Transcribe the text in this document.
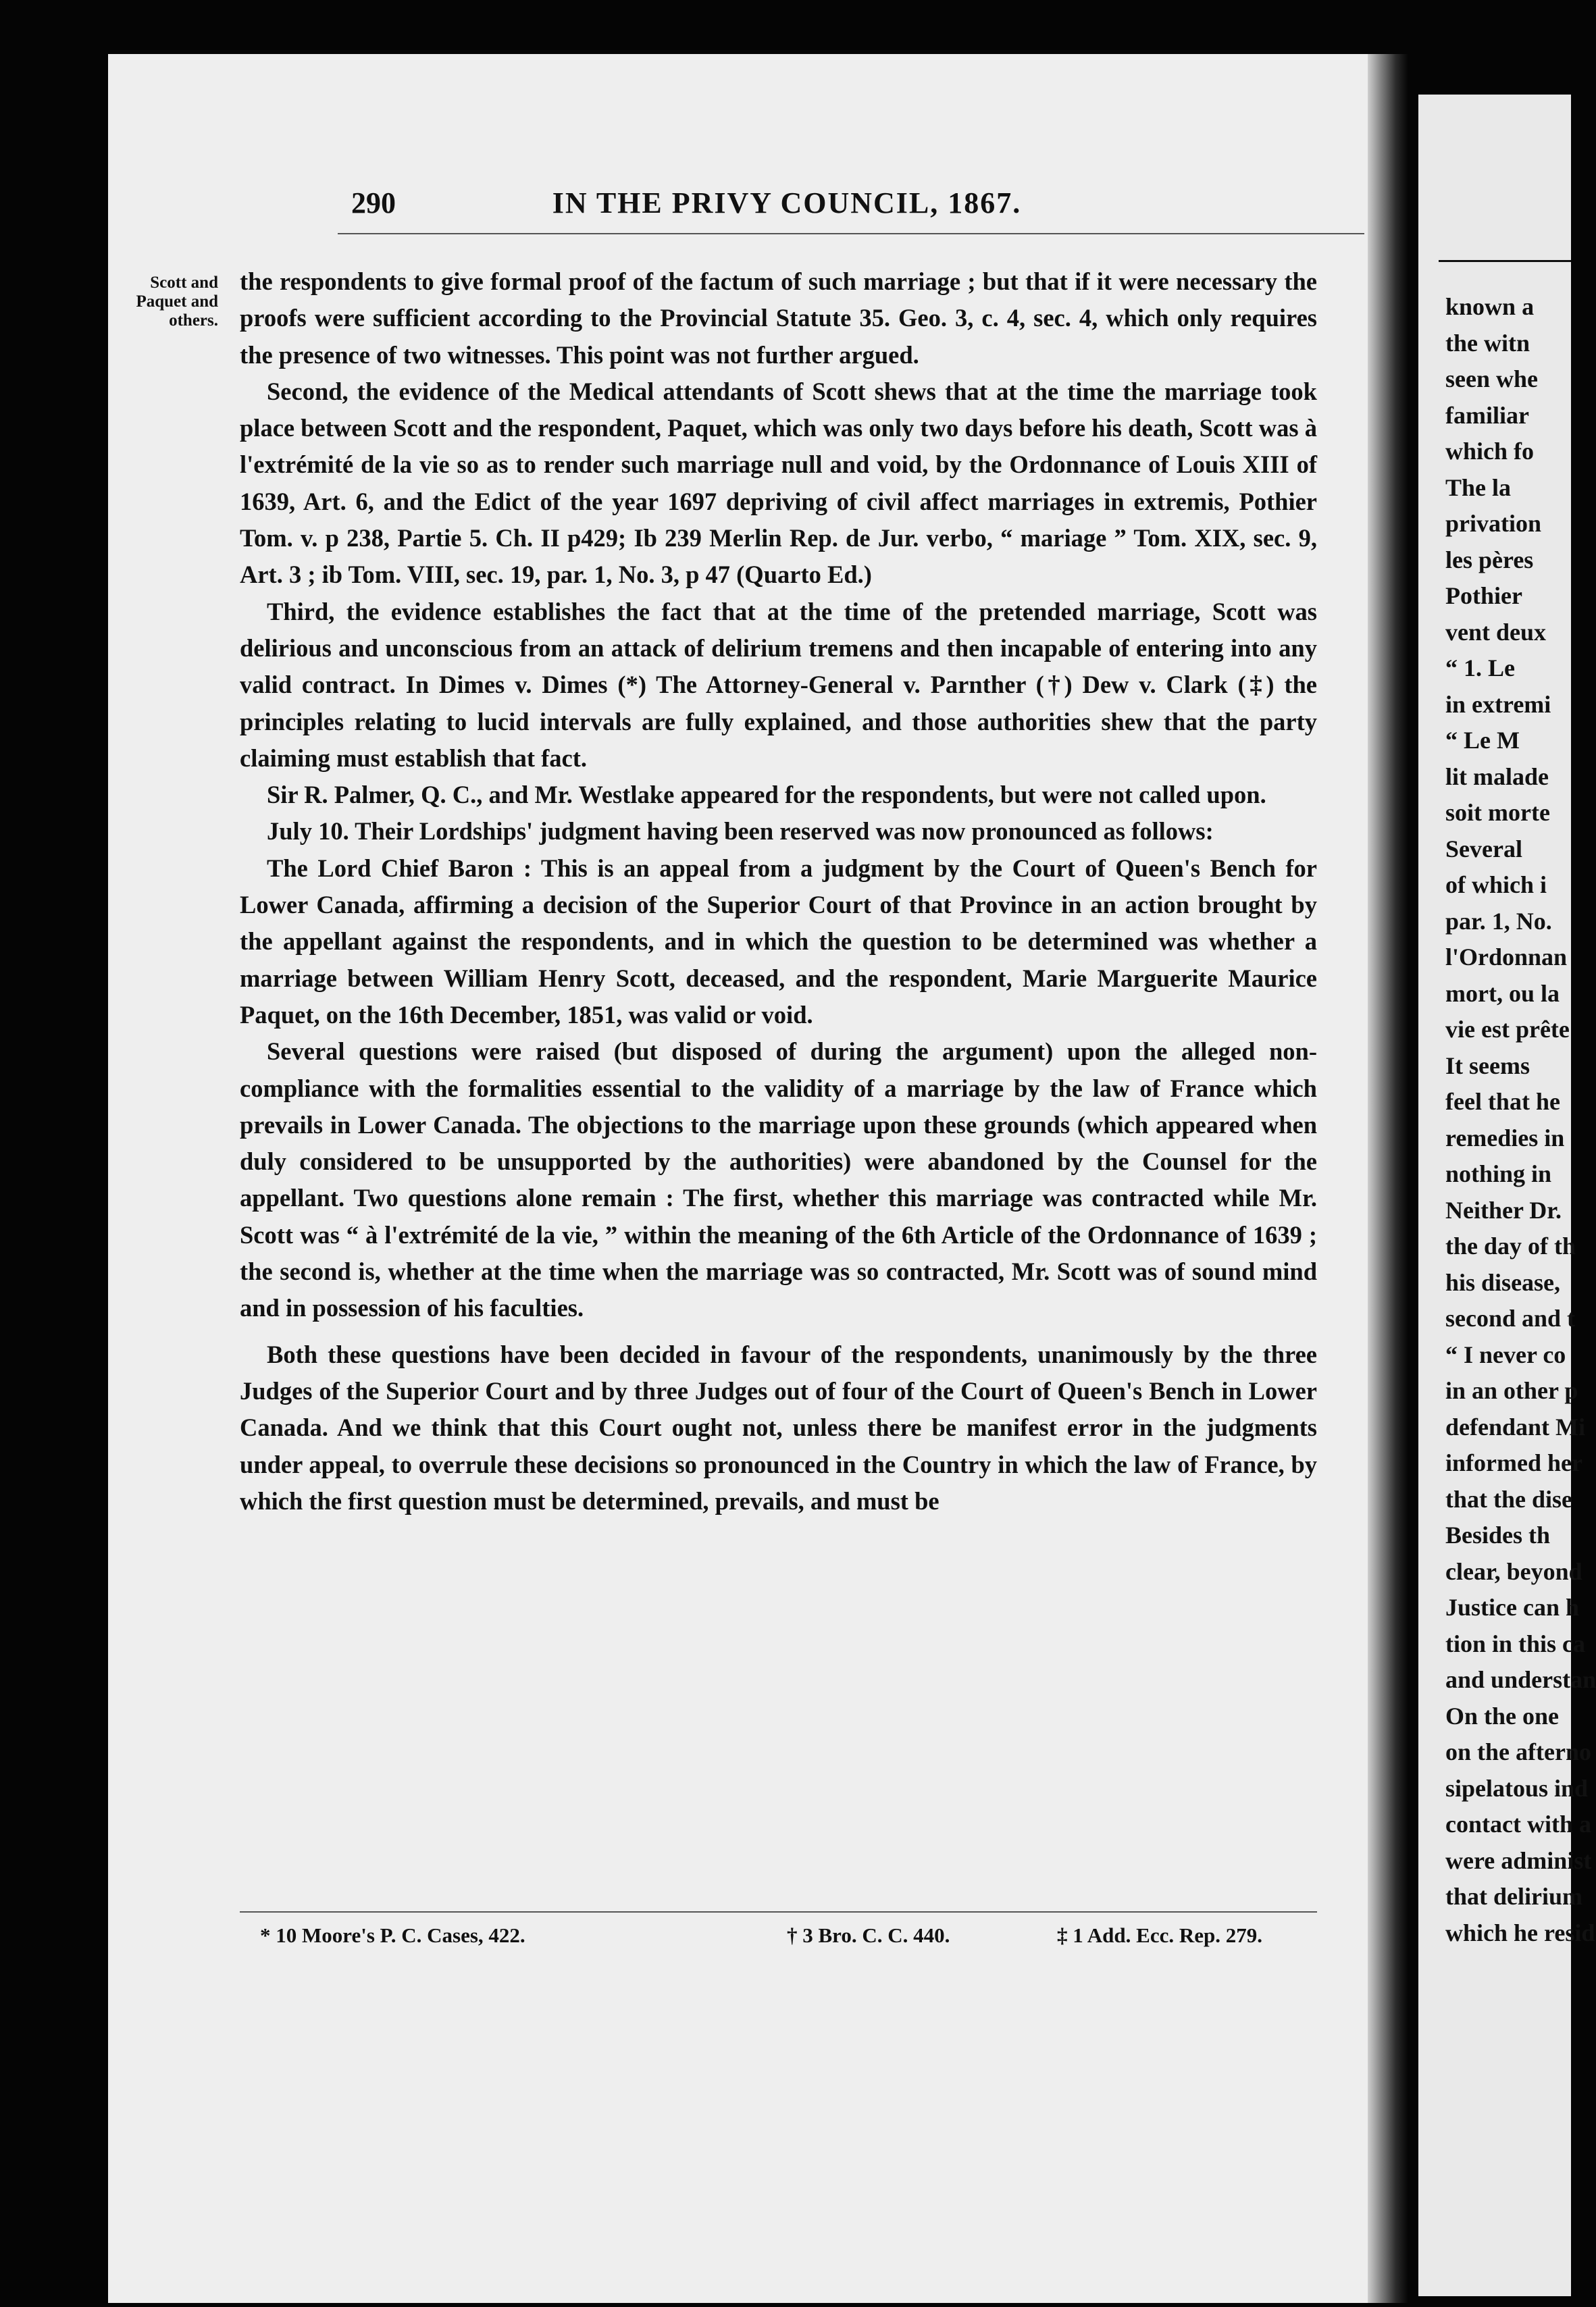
290	IN THE PRIVY COUNCIL, 1867.
Scott and
Paquet and
others.

the respondents to give formal proof of the factum of such marriage ; but that if it were necessary the proofs were sufficient according to the Provincial Statute 35. Geo. 3, c. 4, sec. 4, which only requires the presence of two witnesses. This point was not further argued.

Second, the evidence of the Medical attendants of Scott shews that at the time the marriage took place between Scott and the respondent, Paquet, which was only two days before his death, Scott was à l'extrémité de la vie so as to render such marriage null and void, by the Ordonnance of Louis XIII of 1639, Art. 6, and the Edict of the year 1697 depriving of civil affect marriages in extremis, Pothier Tom. v. p 238, Partie 5. Ch. II p429; Ib 239 Merlin Rep. de Jur. verbo, “ mariage ” Tom. XIX, sec. 9, Art. 3 ; ib Tom. VIII, sec. 19, par. 1, No. 3, p 47 (Quarto Ed.)

Third, the evidence establishes the fact that at the time of the pretended marriage, Scott was delirious and unconscious from an attack of delirium tremens and then incapable of entering into any valid contract. In Dimes v. Dimes (*) The Attorney-General v. Parnther (†) Dew v. Clark (‡) the principles relating to lucid intervals are fully explained, and those authorities shew that the party claiming must establish that fact.

Sir R. Palmer, Q. C., and Mr. Westlake appeared for the respondents, but were not called upon.

July 10. Their Lordships' judgment having been reserved was now pronounced as follows:

The Lord Chief Baron : This is an appeal from a judgment by the Court of Queen's Bench for Lower Canada, affirming a decision of the Superior Court of that Province in an action brought by the appellant against the respondents, and in which the question to be determined was whether a marriage between William Henry Scott, deceased, and the respondent, Marie Marguerite Maurice Paquet, on the 16th December, 1851, was valid or void.

Several questions were raised (but disposed of during the argument) upon the alleged non-compliance with the formalities essential to the validity of a marriage by the law of France which prevails in Lower Canada. The objections to the marriage upon these grounds (which appeared when duly considered to be unsupported by the authorities) were abandoned by the Counsel for the appellant. Two questions alone remain : The first, whether this marriage was contracted while Mr. Scott was “ à l'extrémité de la vie, ” within the meaning of the 6th Article of the Ordonnance of 1639 ; the second is, whether at the time when the marriage was so contracted, Mr. Scott was of sound mind and in possession of his faculties.

Both these questions have been decided in favour of the respondents, unanimously by the three Judges of the Superior Court and by three Judges out of four of the Court of Queen's Bench in Lower Canada. And we think that this Court ought not, unless there be manifest error in the judgments under appeal, to overrule these decisions so pronounced in the Country in which the law of France, by which the first question must be determined, prevails, and must be

* 10 Moore's P. C. Cases, 422.	† 3 Bro. C. C. 440.	‡ 1 Add. Ecc. Rep. 279.
known a
the witn
seen whe
familiar
which fo
The la
privation
les pères
Pothier
vent deux
“ 1. Le
in extremi
“ Le M
lit malade
soit morte
Several
of which i
par. 1, No.
l'Ordonnan
mort, ou la
vie est prête
It seems
feel that he
remedies in
nothing in
Neither Dr.
the day of th
his disease,
second and t
“ I never co
in an other p
defendant Mi
informed her
that the dise
Besides th
clear, beyond
Justice can h
tion in this ca
and understan
On the one
on the afterno
sipelatous ind
contact with a
were administ
that delirium
which he resid
